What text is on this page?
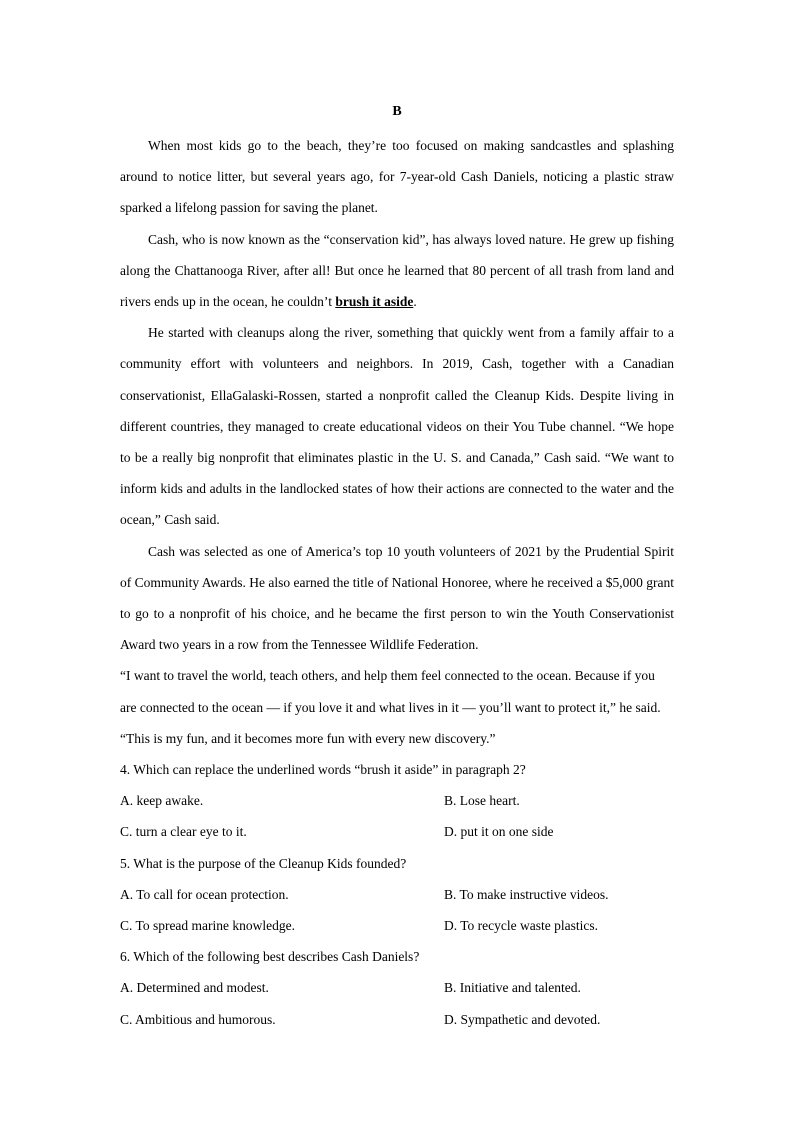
B

When most kids go to the beach, they’re too focused on making sandcastles and splashing around to notice litter, but several years ago, for 7-year-old Cash Daniels, noticing a plastic straw sparked a lifelong passion for saving the planet.

Cash, who is now known as the “conservation kid”, has always loved nature. He grew up fishing along the Chattanooga River, after all! But once he learned that 80 percent of all trash from land and rivers ends up in the ocean, he couldn’t brush it aside.

He started with cleanups along the river, something that quickly went from a family affair to a community effort with volunteers and neighbors. In 2019, Cash, together with a Canadian conservationist, EllaGalaski-Rossen, started a nonprofit called the Cleanup Kids. Despite living in different countries, they managed to create educational videos on their You Tube channel. “We hope to be a really big nonprofit that eliminates plastic in the U. S. and Canada,” Cash said. “We want to inform kids and adults in the landlocked states of how their actions are connected to the water and the ocean,” Cash said.

Cash was selected as one of America’s top 10 youth volunteers of 2021 by the Prudential Spirit of Community Awards. He also earned the title of National Honoree, where he received a $5,000 grant to go to a nonprofit of his choice, and he became the first person to win the Youth Conservationist Award two years in a row from the Tennessee Wildlife Federation.

“I want to travel the world, teach others, and help them feel connected to the ocean. Because if you are connected to the ocean — if you love it and what lives in it — you’ll want to protect it,” he said. “This is my fun, and it becomes more fun with every new discovery.”

4. Which can replace the underlined words “brush it aside” in paragraph 2?

A. keep awake.	B. Lose heart.
C. turn a clear eye to it.	D. put it on one side

5. What is the purpose of the Cleanup Kids founded?

A. To call for ocean protection.	B. To make instructive videos.
C. To spread marine knowledge.	D. To recycle waste plastics.

6. Which of the following best describes Cash Daniels?

A. Determined and modest.	B. Initiative and talented.
C. Ambitious and humorous.	D. Sympathetic and devoted.
